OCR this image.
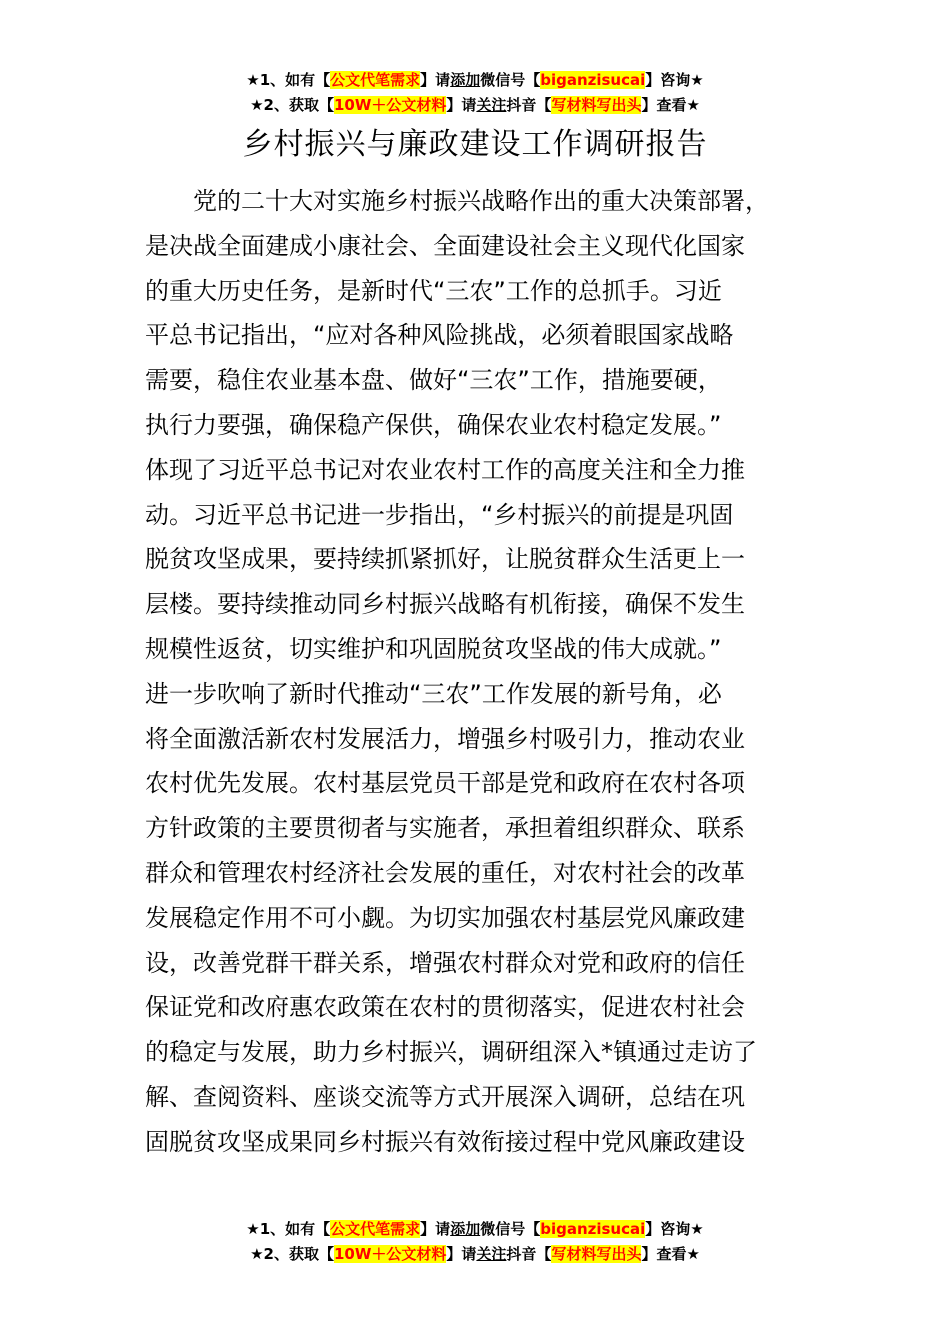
★1、如有【公文代笔需求】请添加微信号【biganzisucai】咨询★
★2、获取【10W＋公文材料】请关注抖音【写材料写出头】查看★
乡村振兴与廉政建设工作调研报告
党的二十大对实施乡村振兴战略作出的重大决策部署，
是决战全面建成小康社会、全面建设社会主义现代化国家
的重大历史任务，是新时代“三农”工作的总抓手。习近
平总书记指出，“应对各种风险挑战，必须着眼国家战略
需要，稳住农业基本盘、做好“三农”工作，措施要硬，
执行力要强，确保稳产保供，确保农业农村稳定发展。”
体现了习近平总书记对农业农村工作的高度关注和全力推
动。习近平总书记进一步指出，“乡村振兴的前提是巩固
脱贫攻坚成果，要持续抓紧抓好，让脱贫群众生活更上一
层楼。要持续推动同乡村振兴战略有机衔接，确保不发生
规模性返贫，切实维护和巩固脱贫攻坚战的伟大成就。”
进一步吹响了新时代推动“三农”工作发展的新号角，必
将全面激活新农村发展活力，增强乡村吸引力，推动农业
农村优先发展。农村基层党员干部是党和政府在农村各项
方针政策的主要贯彻者与实施者，承担着组织群众、联系
群众和管理农村经济社会发展的重任，对农村社会的改革
发展稳定作用不可小觑。为切实加强农村基层党风廉政建
设，改善党群干群关系，增强农村群众对党和政府的信任
保证党和改府惠农政策在农村的贯彻落实，促进农村社会
的稳定与发展，助力乡村振兴，调研组深入*镇通过走访了
解、查阅资料、座谈交流等方式开展深入调研，总结在巩
固脱贫攻坚成果同乡村振兴有效衔接过程中党风廉政建设
★1、如有【公文代笔需求】请添加微信号【biganzisucai】咨询★
★2、获取【10W＋公文材料】请关注抖音【写材料写出头】查看★
